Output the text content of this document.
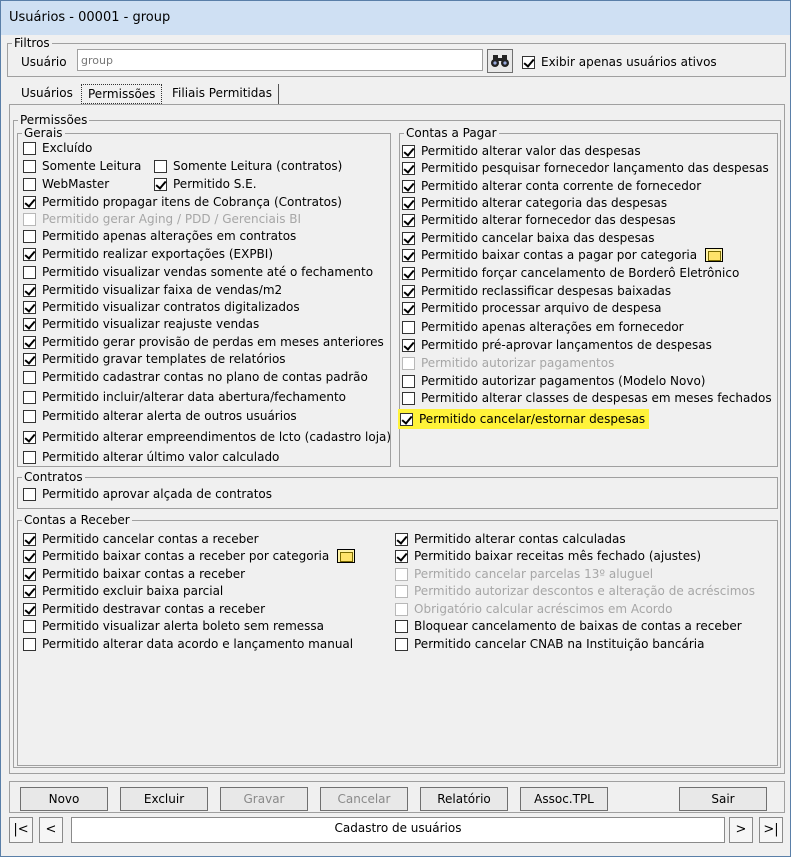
Usuários - 00001 - group
Filtros
Usuário
group	Exibir apenas usuários ativos
Usuários	Permissões	Filiais Permitidas
Permissões
Gerais
Excluído
Somente Leitura	Somente Leitura (contratos)
WebMaster	Permitido S.E.
Permitido propagar itens de Cobrança (Contratos)
Permitido gerar Aging / PDD / Gerenciais BI
Permitido apenas alterações em contratos
Permitido realizar exportações (EXPBI)
Permitido visualizar vendas somente até o fechamento
Permitido visualizar faixa de vendas/m2
Permitido visualizar contratos digitalizados
Permitido visualizar reajuste vendas
Permitido gerar provisão de perdas em meses anteriores
Permitido gravar templates de relatórios
Permitido cadastrar contas no plano de contas padrão
Permitido incluir/alterar data abertura/fechamento
Permitido alterar alerta de outros usuários
Permitido alterar empreendimentos de lcto (cadastro loja)
Permitido alterar último valor calculado
Contas a Pagar
Permitido alterar valor das despesas
Permitido pesquisar fornecedor lançamento das despesas
Permitido alterar conta corrente de fornecedor
Permitido alterar categoria das despesas
Permitido alterar fornecedor das despesas
Permitido cancelar baixa das despesas
Permitido baixar contas a pagar por categoria
Permitido forçar cancelamento de Borderô Eletrônico
Permitido reclassificar despesas baixadas
Permitido processar arquivo de despesa
Permitido apenas alterações em fornecedor
Permitido pré-aprovar lançamentos de despesas
Permitido autorizar pagamentos
Permitido autorizar pagamentos (Modelo Novo)
Permitido alterar classes de despesas em meses fechados
Permitido cancelar/estornar despesas
Contratos
Permitido aprovar alçada de contratos
Contas a Receber
Permitido cancelar contas a receber
Permitido baixar contas a receber por categoria
Permitido baixar contas a receber
Permitido excluir baixa parcial
Permitido destravar contas a receber
Permitido visualizar alerta boleto sem remessa
Permitido alterar data acordo e lançamento manual
Permitido alterar contas calculadas
Permitido baixar receitas mês fechado (ajustes)
Permitido cancelar parcelas 13º aluguel
Permitido autorizar descontos e alteração de acréscimos
Obrigatório calcular acréscimos em Acordo
Bloquear cancelamento de baixas de contas a receber
Permitido cancelar CNAB na Instituição bancária
Novo	Excluir	Gravar	Cancelar	Relatório	Assoc.TPL	Sair
|<	<	Cadastro de usuários	>	>|
